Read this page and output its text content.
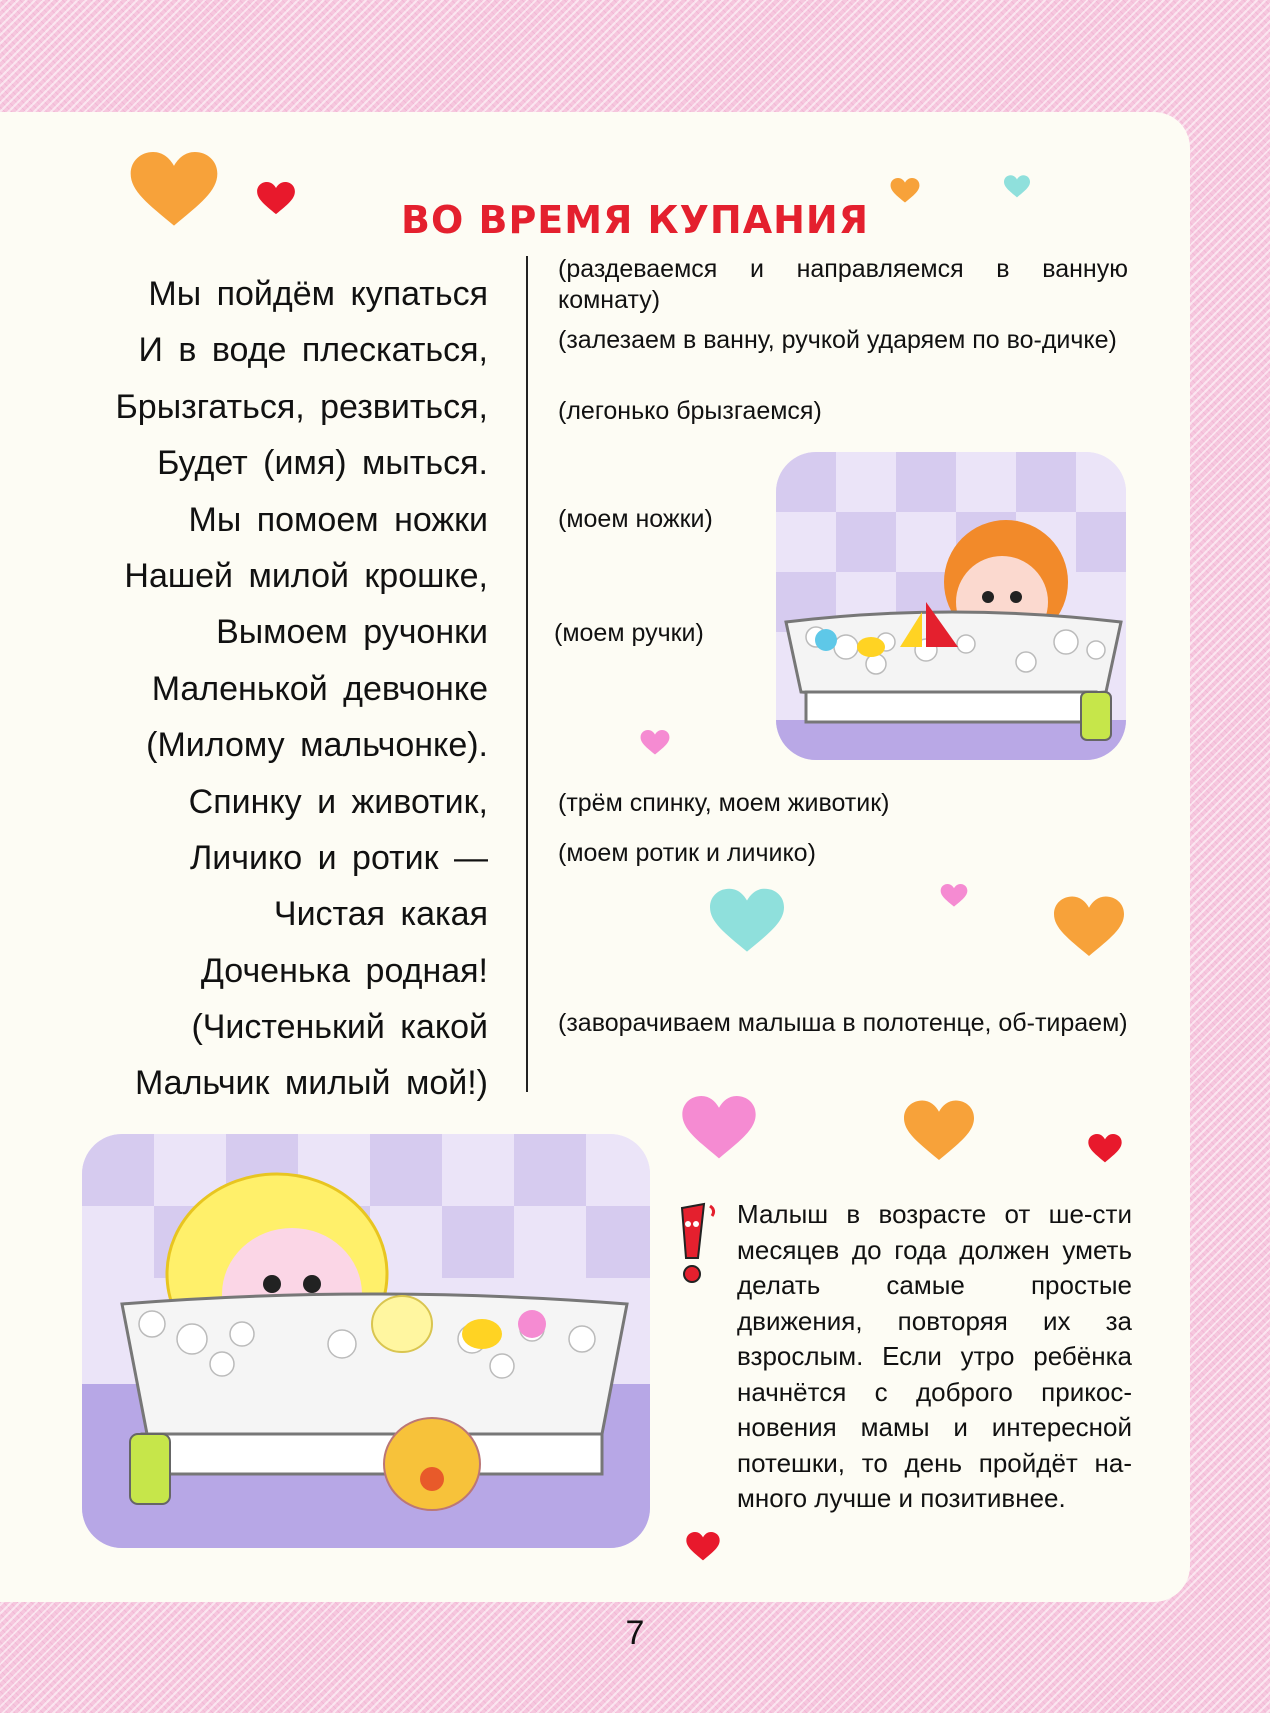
ВО ВРЕМЯ КУПАНИЯ
Мы пойдём купаться
И в воде плескаться,
Брызгаться, резвиться,
Будет (имя) мыться.
Мы помоем ножки
Нашей милой крошке,
Вымоем ручонки
Маленькой девчонке
(Милому мальчонке).
Спинку и животик,
Личико и ротик —
Чистая какая
Доченька родная!
(Чистенький какой
Мальчик милый мой!)
(раздеваемся и направляемся в ванную комнату)
(залезаем в ванну, ручкой ударяем по во-дичке)
(легонько брызгаемся)
(моем ножки)
(моем ручки)
(трём спинку, моем животик)
(моем ротик и личико)
(заворачиваем малыша в полотенце, об-тираем)
Малыш в возрасте от ше-сти месяцев до года должен уметь делать самые простые движения, повторяя их за взрослым. Если утро ребёнка начнётся с доброго прикос-новения мамы и интересной потешки, то день пройдёт на-много лучше и позитивнее.
7
